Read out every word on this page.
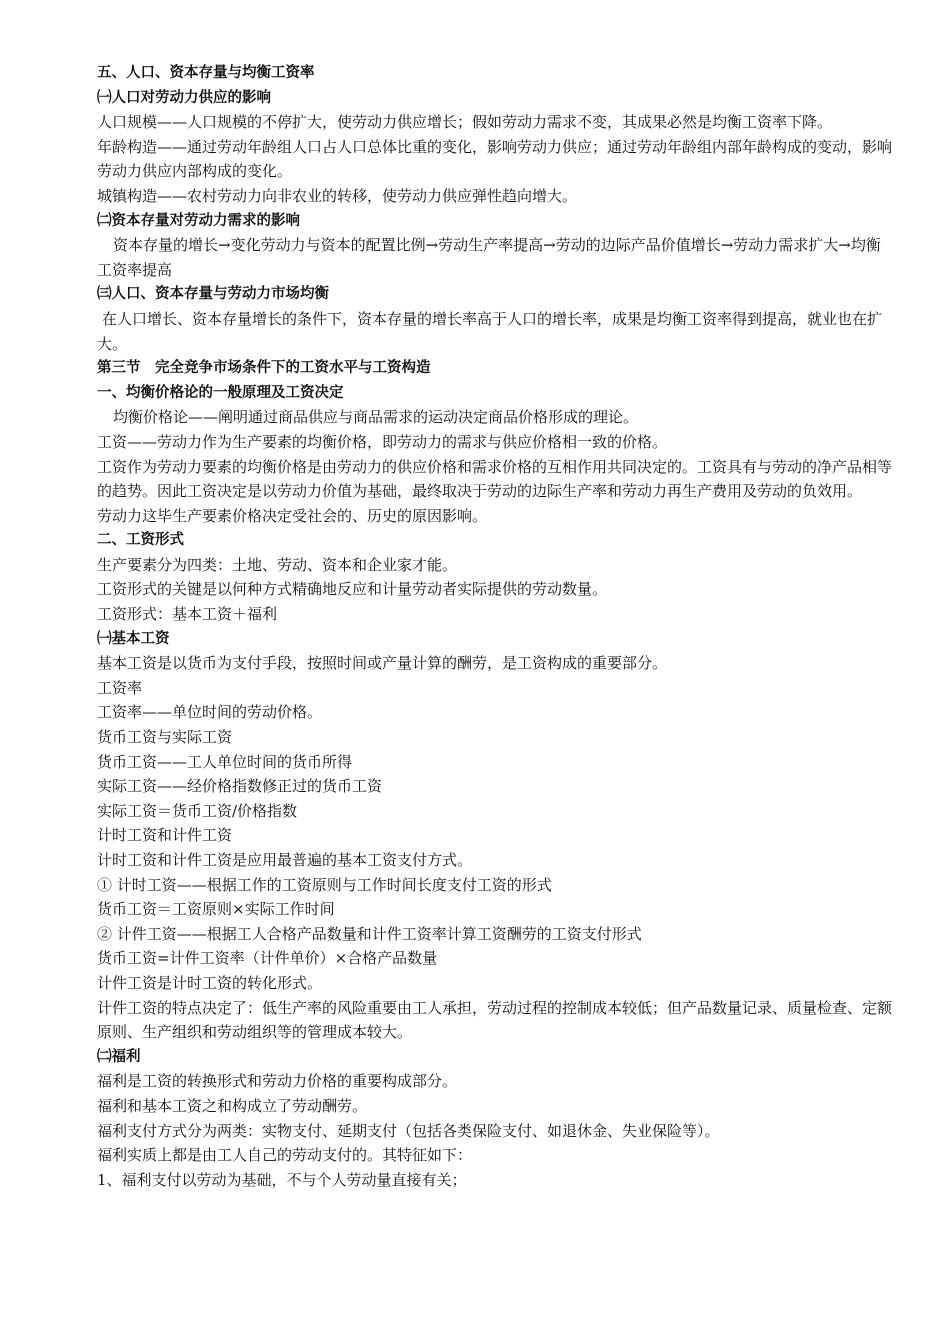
五、人口、资本存量与均衡工资率

㈠人口对劳动力供应的影响

人口规模——人口规模的不停扩大，使劳动力供应增长；假如劳动力需求不变，其成果必然是均衡工资率下降。

年龄构造——通过劳动年龄组人口占人口总体比重的变化，影响劳动力供应；通过劳动年龄组内部年龄构成的变动，影响劳动力供应内部构成的变化。

城镇构造——农村劳动力向非农业的转移，使劳动力供应弹性趋向增大。

㈡资本存量对劳动力需求的影响

资本存量的增长→变化劳动力与资本的配置比例→劳动生产率提高→劳动的边际产品价值增长→劳动力需求扩大→均衡工资率提高

㈢人口、资本存量与劳动力市场均衡

在人口增长、资本存量增长的条件下，资本存量的增长率高于人口的增长率，成果是均衡工资率得到提高，就业也在扩大。

第三节　完全竞争市场条件下的工资水平与工资构造

一、均衡价格论的一般原理及工资决定

均衡价格论——阐明通过商品供应与商品需求的运动决定商品价格形成的理论。

工资——劳动力作为生产要素的均衡价格，即劳动力的需求与供应价格相一致的价格。

工资作为劳动力要素的均衡价格是由劳动力的供应价格和需求价格的互相作用共同决定的。工资具有与劳动的净产品相等的趋势。因此工资决定是以劳动力价值为基础，最终取决于劳动的边际生产率和劳动力再生产费用及劳动的负效用。

劳动力这毕生产要素价格决定受社会的、历史的原因影响。

二、工资形式

生产要素分为四类：土地、劳动、资本和企业家才能。

工资形式的关键是以何种方式精确地反应和计量劳动者实际提供的劳动数量。

工资形式：基本工资＋福利

㈠基本工资

基本工资是以货币为支付手段，按照时间或产量计算的酬劳，是工资构成的重要部分。

工资率

工资率——单位时间的劳动价格。

货币工资与实际工资

货币工资——工人单位时间的货币所得

实际工资——经价格指数修正过的货币工资

实际工资＝货币工资/价格指数

计时工资和计件工资

计时工资和计件工资是应用最普遍的基本工资支付方式。

① 计时工资——根据工作的工资原则与工作时间长度支付工资的形式

货币工资＝工资原则×实际工作时间

② 计件工资——根据工人合格产品数量和计件工资率计算工资酬劳的工资支付形式

货币工资=计件工资率（计件单价）×合格产品数量

计件工资是计时工资的转化形式。

计件工资的特点决定了：低生产率的风险重要由工人承担，劳动过程的控制成本较低；但产品数量记录、质量检查、定额原则、生产组织和劳动组织等的管理成本较大。

㈡福利

福利是工资的转换形式和劳动力价格的重要构成部分。

福利和基本工资之和构成立了劳动酬劳。

福利支付方式分为两类：实物支付、延期支付（包括各类保险支付、如退休金、失业保险等）。

福利实质上都是由工人自己的劳动支付的。其特征如下：

1、福利支付以劳动为基础，不与个人劳动量直接有关；
